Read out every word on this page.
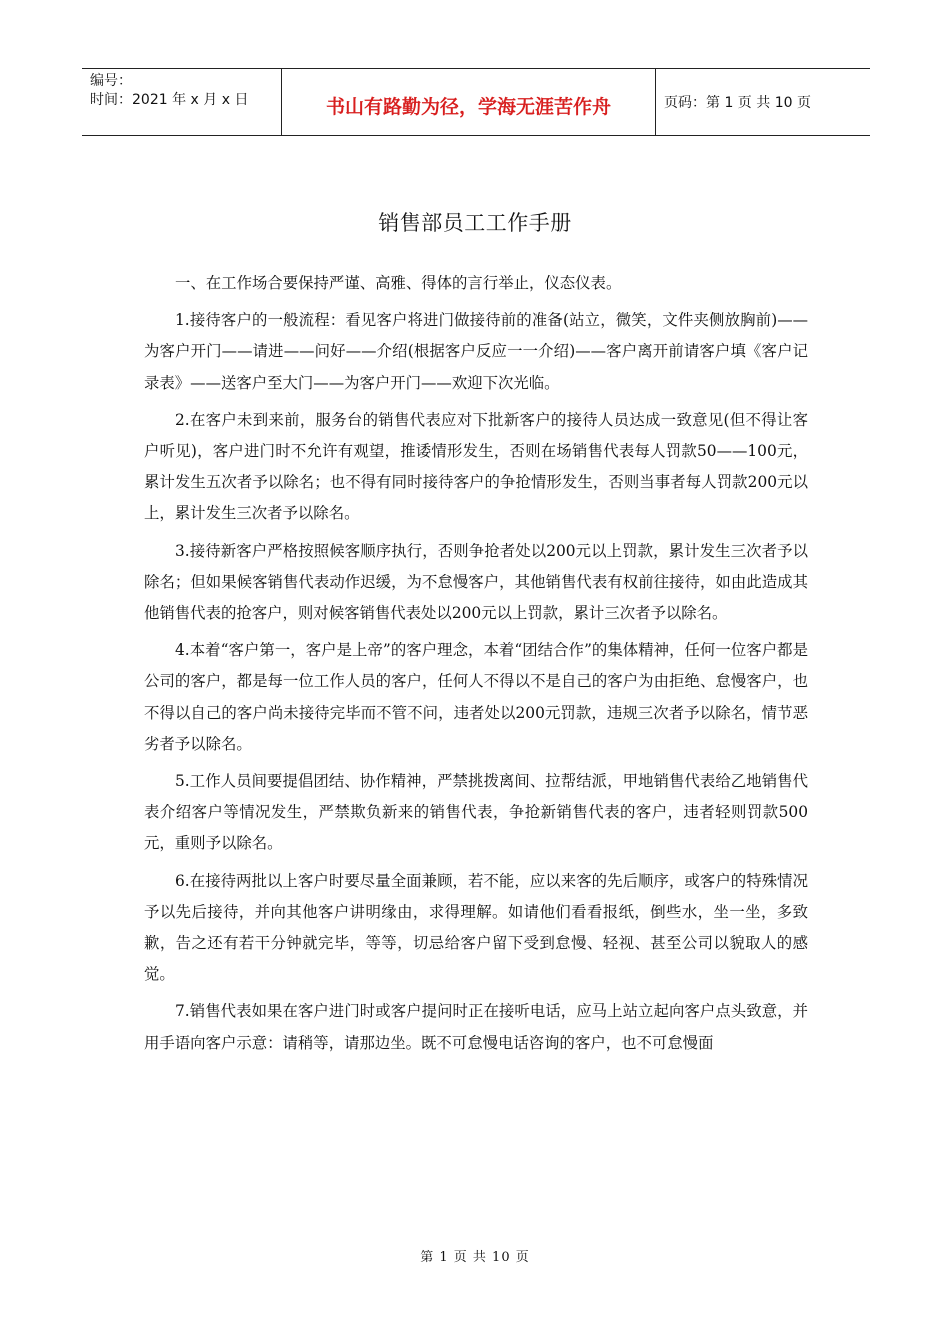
编号：
时间：2021 年 x 月 x 日	书山有路勤为径，学海无涯苦作舟	页码：第 1 页 共 10 页
销售部员工工作手册

一、在工作场合要保持严谨、高雅、得体的言行举止，仪态仪表。

1.接待客户的一般流程：看见客户将进门做接待前的准备(站立，微笑，文件夹侧放胸前)——为客户开门——请进——问好——介绍(根据客户反应一一介绍)——客户离开前请客户填《客户记录表》——送客户至大门——为客户开门——欢迎下次光临。

2.在客户未到来前，服务台的销售代表应对下批新客户的接待人员达成一致意见(但不得让客户听见)，客户进门时不允许有观望，推诿情形发生，否则在场销售代表每人罚款50——100元，累计发生五次者予以除名；也不得有同时接待客户的争抢情形发生，否则当事者每人罚款200元以上，累计发生三次者予以除名。

3.接待新客户严格按照候客顺序执行，否则争抢者处以200元以上罚款，累计发生三次者予以除名；但如果候客销售代表动作迟缓，为不怠慢客户，其他销售代表有权前往接待，如由此造成其他销售代表的抢客户，则对候客销售代表处以200元以上罚款，累计三次者予以除名。

4.本着“客户第一，客户是上帝”的客户理念，本着“团结合作”的集体精神，任何一位客户都是公司的客户，都是每一位工作人员的客户，任何人不得以不是自己的客户为由拒绝、怠慢客户，也不得以自己的客户尚未接待完毕而不管不问，违者处以200元罚款，违规三次者予以除名，情节恶劣者予以除名。

5.工作人员间要提倡团结、协作精神，严禁挑拨离间、拉帮结派，甲地销售代表给乙地销售代表介绍客户等情况发生，严禁欺负新来的销售代表，争抢新销售代表的客户，违者轻则罚款500元，重则予以除名。

6.在接待两批以上客户时要尽量全面兼顾，若不能，应以来客的先后顺序，或客户的特殊情况予以先后接待，并向其他客户讲明缘由，求得理解。如请他们看看报纸，倒些水，坐一坐，多致歉，告之还有若干分钟就完毕，等等，切忌给客户留下受到怠慢、轻视、甚至公司以貌取人的感觉。

7.销售代表如果在客户进门时或客户提问时正在接听电话，应马上站立起向客户点头致意，并用手语向客户示意：请稍等，请那边坐。既不可怠慢电话咨询的客户，也不可怠慢面

第 1 页 共 10 页
